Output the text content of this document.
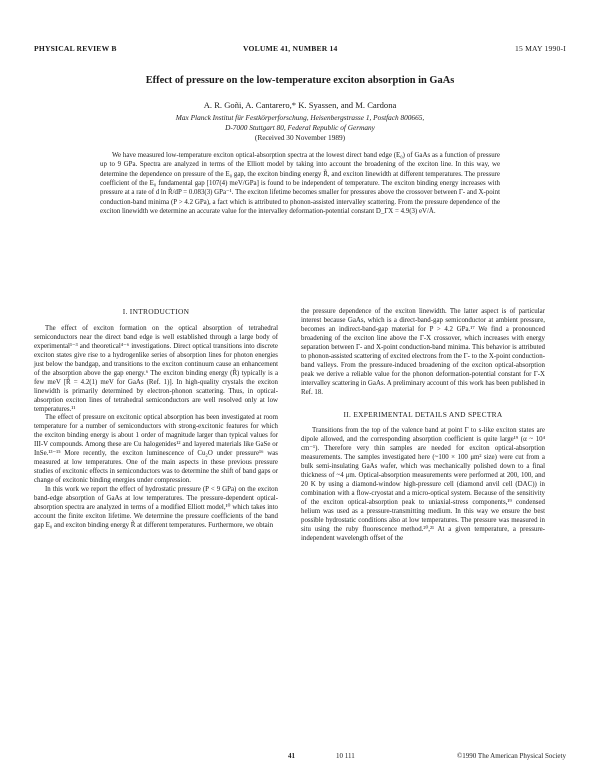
PHYSICAL REVIEW B	VOLUME 41, NUMBER 14	15 MAY 1990-I
Effect of pressure on the low-temperature exciton absorption in GaAs
A. R. Goñi, A. Cantarero,* K. Syassen, and M. Cardona
Max Planck Institut für Festkörperforschung, Heisenbergstrasse 1, Postfach 800665,
D-7000 Stuttgart 80, Federal Republic of Germany
(Received 30 November 1989)
We have measured low-temperature exciton optical-absorption spectra at the lowest direct band edge (E₀) of GaAs as a function of pressure up to 9 GPa. Spectra are analyzed in terms of the Elliott model by taking into account the broadening of the exciton line. In this way, we determine the dependence on pressure of the E₀ gap, the exciton binding energy R̃, and exciton linewidth at different temperatures. The pressure coefficient of the E₀ fundamental gap [107(4) meV/GPa] is found to be independent of temperature. The exciton binding energy increases with pressure at a rate of d ln R̃/dP = 0.083(3) GPa⁻¹. The exciton lifetime becomes smaller for pressures above the crossover between Γ- and X-point conduction-band minima (P > 4.2 GPa), a fact which is attributed to phonon-assisted intervalley scattering. From the pressure dependence of the exciton linewidth we determine an accurate value for the intervalley deformation-potential constant D_ΓX = 4.9(3) eV/Å.
I. INTRODUCTION

The effect of exciton formation on the optical absorption of tetrahedral semiconductors near the direct band edge is well established through a large body of experimental¹⁻³ and theoretical⁴⁻⁶ investigations. Direct optical transitions into discrete exciton states give rise to a hydrogenlike series of absorption lines for photon energies just below the bandgap, and transitions to the exciton continuum cause an enhancement of the absorption above the gap energy.⁶ The exciton binding energy (R̃) typically is a few meV [R̃ = 4.2(1) meV for GaAs (Ref. 1)]. In high-quality crystals the exciton linewidth is primarily determined by electron-phonon scattering. Thus, in optical-absorption exciton lines of tetrahedral semiconductors are well resolved only at low temperatures.¹¹

The effect of pressure on excitonic optical absorption has been investigated at room temperature for a number of semiconductors with strong-excitonic features for which the exciton binding energy is about 1 order of magnitude larger than typical values for III-V compounds. Among these are Cu halogenides¹² and layered materials like GaSe or InSe.¹³⁻¹⁵ More recently, the exciton luminescence of Cu₂O under pressure¹⁶ was measured at low temperatures. One of the main aspects in these previous pressure studies of excitonic effects in semiconductors was to determine the shift of band gaps or change of excitonic binding energies under compression.

In this work we report the effect of hydrostatic pressure (P < 9 GPa) on the exciton band-edge absorption of GaAs at low temperatures. The pressure-dependent optical-absorption spectra are analyzed in terms of a modified Elliott model,¹⁰ which takes into account the finite exciton lifetime. We determine the pressure coefficients of the band gap E₀ and exciton binding energy R̃ at different temperatures. Furthermore, we obtain

the pressure dependence of the exciton linewidth. The latter aspect is of particular interest because GaAs, which is a direct-band-gap semiconductor at ambient pressure, becomes an indirect-band-gap material for P > 4.2 GPa.¹⁷ We find a pronounced broadening of the exciton line above the Γ-X crossover, which increases with energy separation between Γ- and X-point conduction-band minima. This behavior is attributed to phonon-assisted scattering of excited electrons from the Γ- to the X-point conduction-band valleys. From the pressure-induced broadening of the exciton optical-absorption peak we derive a reliable value for the phonon deformation-potential constant for Γ-X intervalley scattering in GaAs. A preliminary account of this work has been published in Ref. 18.

II. EXPERIMENTAL DETAILS AND SPECTRA

Transitions from the top of the valence band at point Γ to s-like exciton states are dipole allowed, and the corresponding absorption coefficient is quite large¹⁹ (α ~ 10⁴ cm⁻¹). Therefore very thin samples are needed for exciton optical-absorption measurements. The samples investigated here (~100 × 100 μm² size) were cut from a bulk semi-insulating GaAs wafer, which was mechanically polished down to a final thickness of ~4 μm. Optical-absorption measurements were performed at 200, 100, and 20 K by using a diamond-window high-pressure cell (diamond anvil cell (DAC)) in combination with a flow-cryostat and a micro-optical system. Because of the sensitivity of the exciton optical-absorption peak to uniaxial-stress components,¹⁹ condensed helium was used as a pressure-transmitting medium. In this way we ensure the best possible hydrostatic conditions also at low temperatures. The pressure was measured in situ using the ruby fluorescence method.²⁰,²¹ At a given temperature, a pressure-independent wavelength offset of the

41	10 111	©1990 The American Physical Society
